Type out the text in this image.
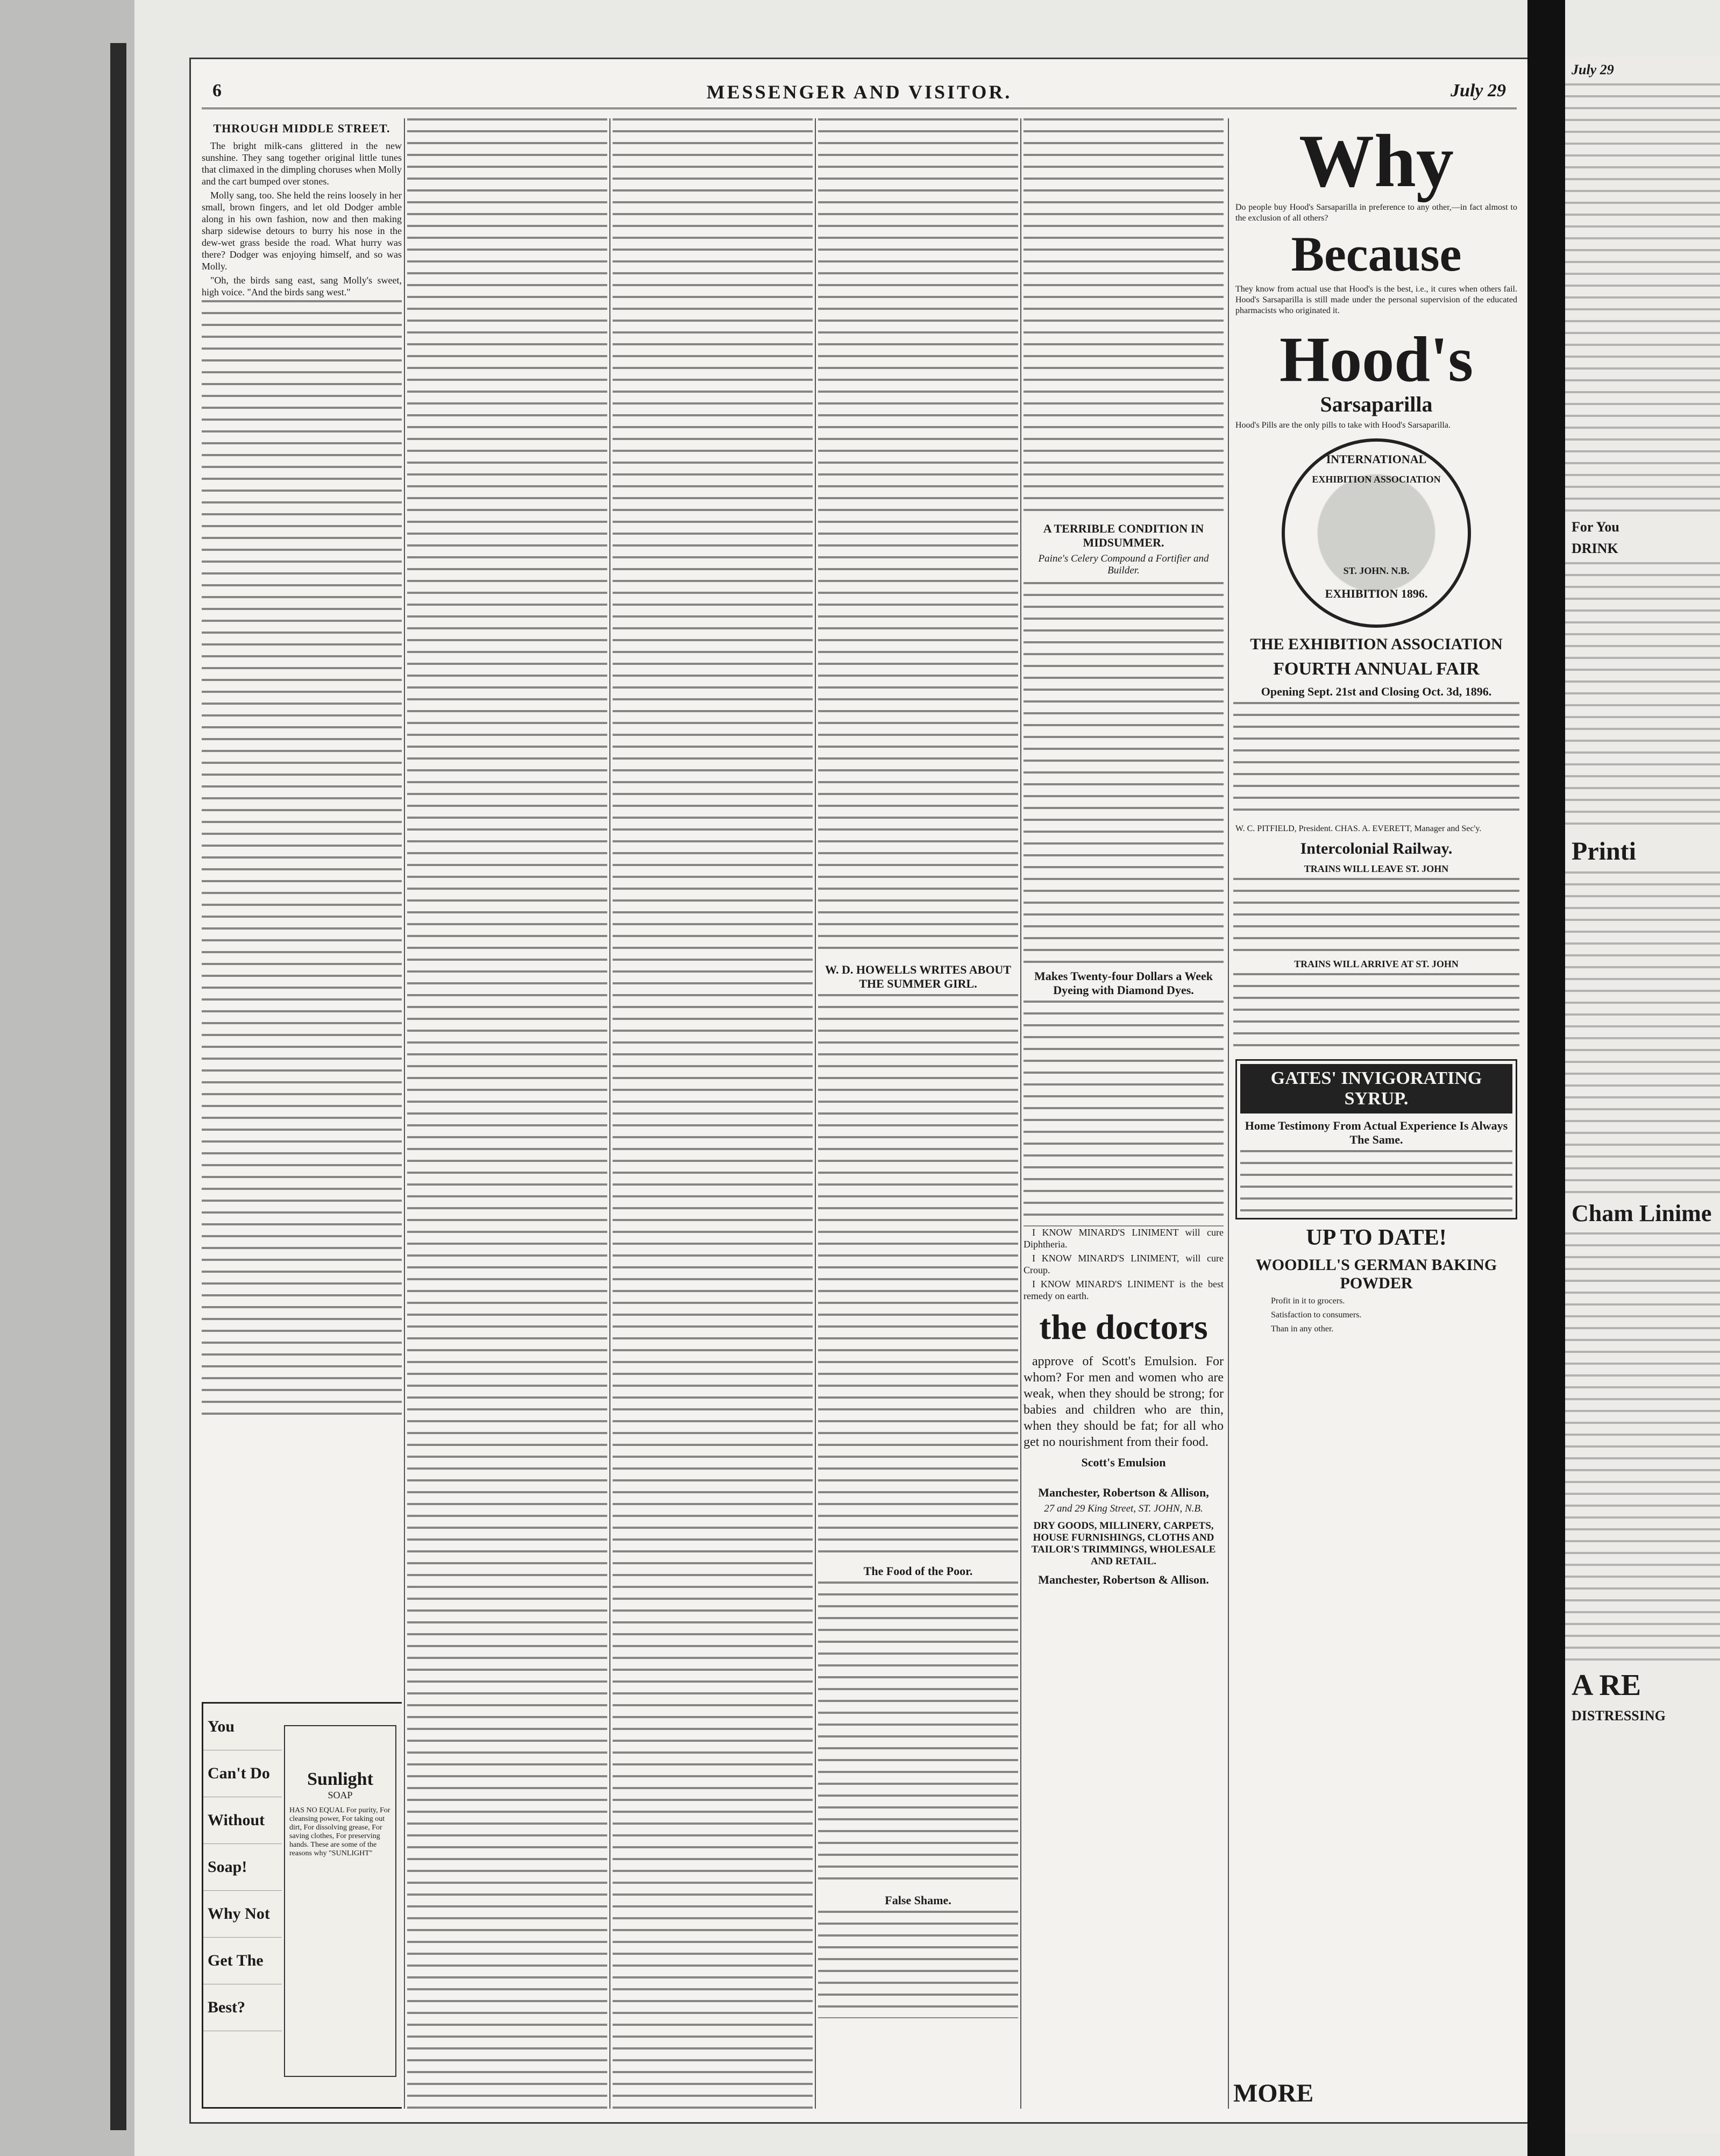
6	MESSENGER AND VISITOR.	July 29
THROUGH MIDDLE STREET.

The bright milk-cans glittered in the new sunshine. They sang together original little tunes that climaxed in the dimpling choruses when Molly and the cart bumped over stones.

Molly sang, too. She held the reins loosely in her small, brown fingers, and let old Dodger amble along in his own fashion, now and then making sharp sidewise detours to burry his nose in the dew-wet grass beside the road. What hurry was there? Dodger was enjoying himself, and so was Molly.

"Oh, the birds sang east, sang Molly's sweet, high voice. "And the birds sang west."

You
Can't Do
Without
Soap!
Why Not
Get The
Best?
Sunlight
SOAP
HAS NO EQUAL For purity, For cleansing power, For taking out dirt, For dissolving grease, For saving clothes, For preserving hands. These are some of the reasons why "SUNLIGHT"
W. D. HOWELLS WRITES ABOUT THE SUMMER GIRL.
The Food of the Poor.
False Shame.
A TERRIBLE CONDITION IN MIDSUMMER.
Paine's Celery Compound a Fortifier and Builder.
Makes Twenty-four Dollars a Week Dyeing with Diamond Dyes.

I KNOW MINARD'S LINIMENT will cure Diphtheria.

I KNOW MINARD'S LINIMENT, will cure Croup.

I KNOW MINARD'S LINIMENT is the best remedy on earth.

the doctors

approve of Scott's Emulsion. For whom? For men and women who are weak, when they should be strong; for babies and children who are thin, when they should be fat; for all who get no nourishment from their food.

Scott's Emulsion
Manchester, Robertson & Allison,
27 and 29 King Street, ST. JOHN, N.B.
DRY GOODS, MILLINERY, CARPETS, HOUSE FURNISHINGS, CLOTHS AND TAILOR'S TRIMMINGS, WHOLESALE AND RETAIL.
Manchester, Robertson & Allison.
Why

Do people buy Hood's Sarsaparilla in preference to any other,—in fact almost to the exclusion of all others?

Because

They know from actual use that Hood's is the best, i.e., it cures when others fail. Hood's Sarsaparilla is still made under the personal supervision of the educated pharmacists who originated it.

Hood's
Sarsaparilla

Hood's Pills are the only pills to take with Hood's Sarsaparilla.

INTERNATIONAL
EXHIBITION ASSOCIATION
ST. JOHN. N.B.
EXHIBITION 1896.
THE EXHIBITION ASSOCIATION
FOURTH ANNUAL FAIR
Opening Sept. 21st and Closing Oct. 3d, 1896.

W. C. PITFIELD, President. CHAS. A. EVERETT, Manager and Sec'y.

Intercolonial Railway.
TRAINS WILL LEAVE ST. JOHN
TRAINS WILL ARRIVE AT ST. JOHN
GATES' INVIGORATING SYRUP.
Home Testimony From Actual Experience Is Always The Same.
UP TO DATE!
WOODILL'S GERMAN BAKING POWDER
MORE

Profit in it to grocers.

Satisfaction to consumers.

Than in any other.

July 29
For You
DRINK
Printi
Cham Linime
A RE
DISTRESSING
